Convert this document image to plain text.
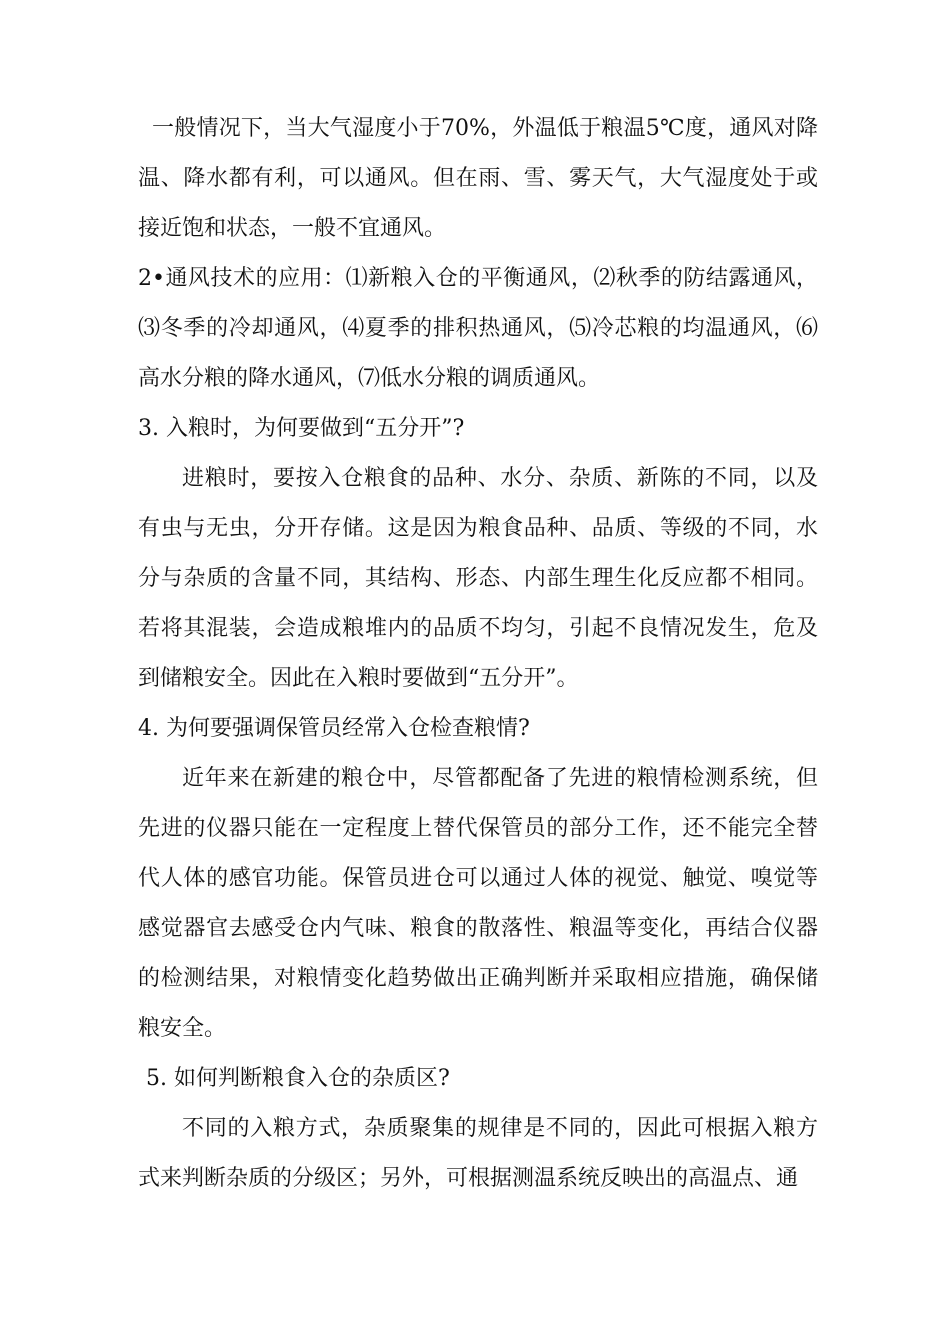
一般情况下，当大气湿度小于70%，外温低于粮温5℃度，通风对降温、降水都有利，可以通风。但在雨、雪、雾天气，大气湿度处于或接近饱和状态，一般不宜通风。

2•通风技术的应用：⑴新粮入仓的平衡通风，⑵秋季的防结露通风，⑶冬季的冷却通风，⑷夏季的排积热通风，⑸冷芯粮的均温通风，⑹高水分粮的降水通风，⑺低水分粮的调质通风。

3. 入粮时，为何要做到“五分开”?

进粮时，要按入仓粮食的品种、水分、杂质、新陈的不同，以及有虫与无虫，分开存储。这是因为粮食品种、品质、等级的不同，水分与杂质的含量不同，其结构、形态、内部生理生化反应都不相同。若将其混装，会造成粮堆内的品质不均匀，引起不良情况发生，危及到储粮安全。因此在入粮时要做到“五分开”。

4. 为何要强调保管员经常入仓检查粮情?

近年来在新建的粮仓中，尽管都配备了先进的粮情检测系统，但先进的仪器只能在一定程度上替代保管员的部分工作，还不能完全替代人体的感官功能。保管员进仓可以通过人体的视觉、触觉、嗅觉等感觉器官去感受仓内气味、粮食的散落性、粮温等变化，再结合仪器的检测结果，对粮情变化趋势做出正确判断并采取相应措施，确保储粮安全。

5. 如何判断粮食入仓的杂质区?

不同的入粮方式，杂质聚集的规律是不同的，因此可根据入粮方式来判断杂质的分级区；另外，可根据测温系统反映出的高温点、通
